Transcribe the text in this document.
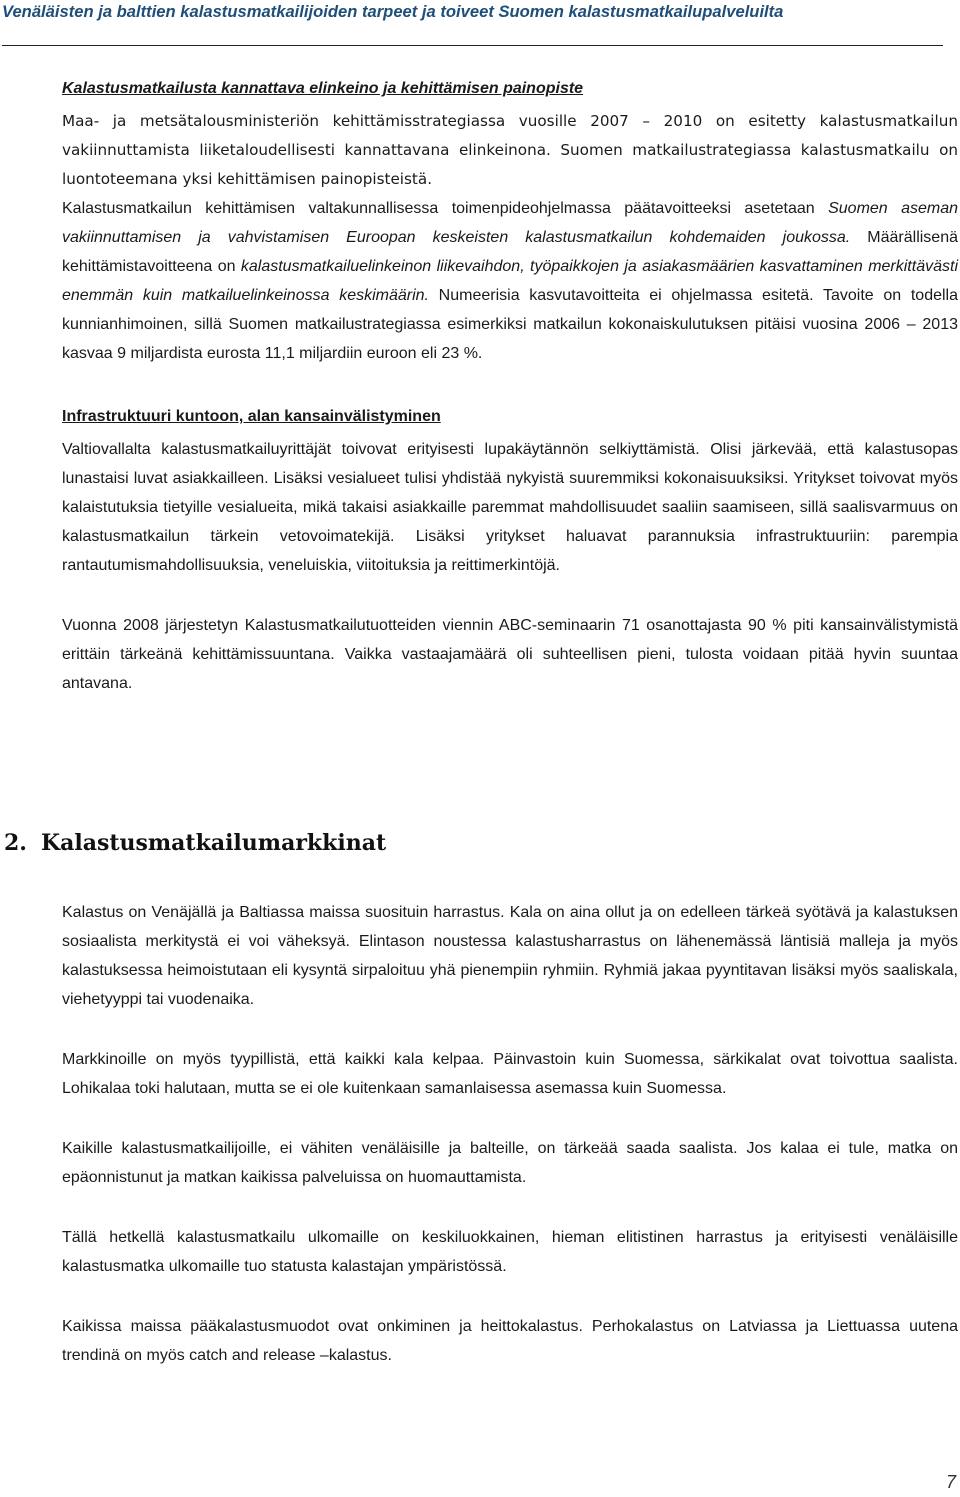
Venäläisten ja balttien kalastusmatkailijoiden tarpeet ja toiveet Suomen kalastusmatkailupalveluilta
Kalastusmatkailusta kannattava elinkeino ja kehittämisen painopiste

Maa- ja metsätalousministeriön kehittämisstrategiassa vuosille 2007 – 2010 on esitetty kalastusmatkailun vakiinnuttamista liiketaloudellisesti kannattavana elinkeinona. Suomen matkailustrategiassa kalastusmatkailu on luontoteemana yksi kehittämisen painopisteistä.

Kalastusmatkailun kehittämisen valtakunnallisessa toimenpideohjelmassa päätavoitteeksi asetetaan Suomen aseman vakiinnuttamisen ja vahvistamisen Euroopan keskeisten kalastusmatkailun kohdemaiden joukossa. Määrällisenä kehittämistavoitteena on kalastusmatkailuelinkeinon liikevaihdon, työpaikkojen ja asiakasmäärien kasvattaminen merkittävästi enemmän kuin matkailuelinkeinossa keskimäärin. Numeerisia kasvutavoitteita ei ohjelmassa esitetä. Tavoite on todella kunnianhimoinen, sillä Suomen matkailustrategiassa esimerkiksi matkailun kokonaiskulutuksen pitäisi vuosina 2006 – 2013 kasvaa 9 miljardista eurosta 11,1 miljardiin euroon eli 23 %.

Infrastruktuuri kuntoon, alan kansainvälistyminen

Valtiovallalta kalastusmatkailuyrittäjät toivovat erityisesti lupakäytännön selkiyttämistä. Olisi järkevää, että kalastusopas lunastaisi luvat asiakkailleen. Lisäksi vesialueet tulisi yhdistää nykyistä suuremmiksi kokonaisuuksiksi. Yritykset toivovat myös kalaistutuksia tietyille vesialueita, mikä takaisi asiakkaille paremmat mahdollisuudet saaliin saamiseen, sillä saalisvarmuus on kalastusmatkailun tärkein vetovoimatekijä. Lisäksi yritykset haluavat parannuksia infrastruktuuriin: parempia rantautumismahdollisuuksia, veneluiskia, viitoituksia ja reittimerkintöjä.

Vuonna 2008 järjestetyn Kalastusmatkailutuotteiden viennin ABC-seminaarin 71 osanottajasta 90 % piti kansainvälistymistä erittäin tärkeänä kehittämissuuntana. Vaikka vastaajamäärä oli suhteellisen pieni, tulosta voidaan pitää hyvin suuntaa antavana.

2. Kalastusmatkailumarkkinat

Kalastus on Venäjällä ja Baltiassa maissa suosituin harrastus. Kala on aina ollut ja on edelleen tärkeä syötävä ja kalastuksen sosiaalista merkitystä ei voi väheksyä. Elintason noustessa kalastusharrastus on lähenemässä läntisiä malleja ja myös kalastuksessa heimoistutaan eli kysyntä sirpaloituu yhä pienempiin ryhmiin. Ryhmiä jakaa pyyntitavan lisäksi myös saaliskala, viehetyyppi tai vuodenaika.

Markkinoille on myös tyypillistä, että kaikki kala kelpaa. Päinvastoin kuin Suomessa, särkikalat ovat toivottua saalista. Lohikalaa toki halutaan, mutta se ei ole kuitenkaan samanlaisessa asemassa kuin Suomessa.

Kaikille kalastusmatkailijoille, ei vähiten venäläisille ja balteille, on tärkeää saada saalista. Jos kalaa ei tule, matka on epäonnistunut ja matkan kaikissa palveluissa on huomauttamista.

Tällä hetkellä kalastusmatkailu ulkomaille on keskiluokkainen, hieman elitistinen harrastus ja erityisesti venäläisille kalastusmatka ulkomaille tuo statusta kalastajan ympäristössä.

Kaikissa maissa pääkalastusmuodot ovat onkiminen ja heittokalastus. Perhokalastus on Latviassa ja Liettuassa uutena trendinä on myös catch and release –kalastus.

7
